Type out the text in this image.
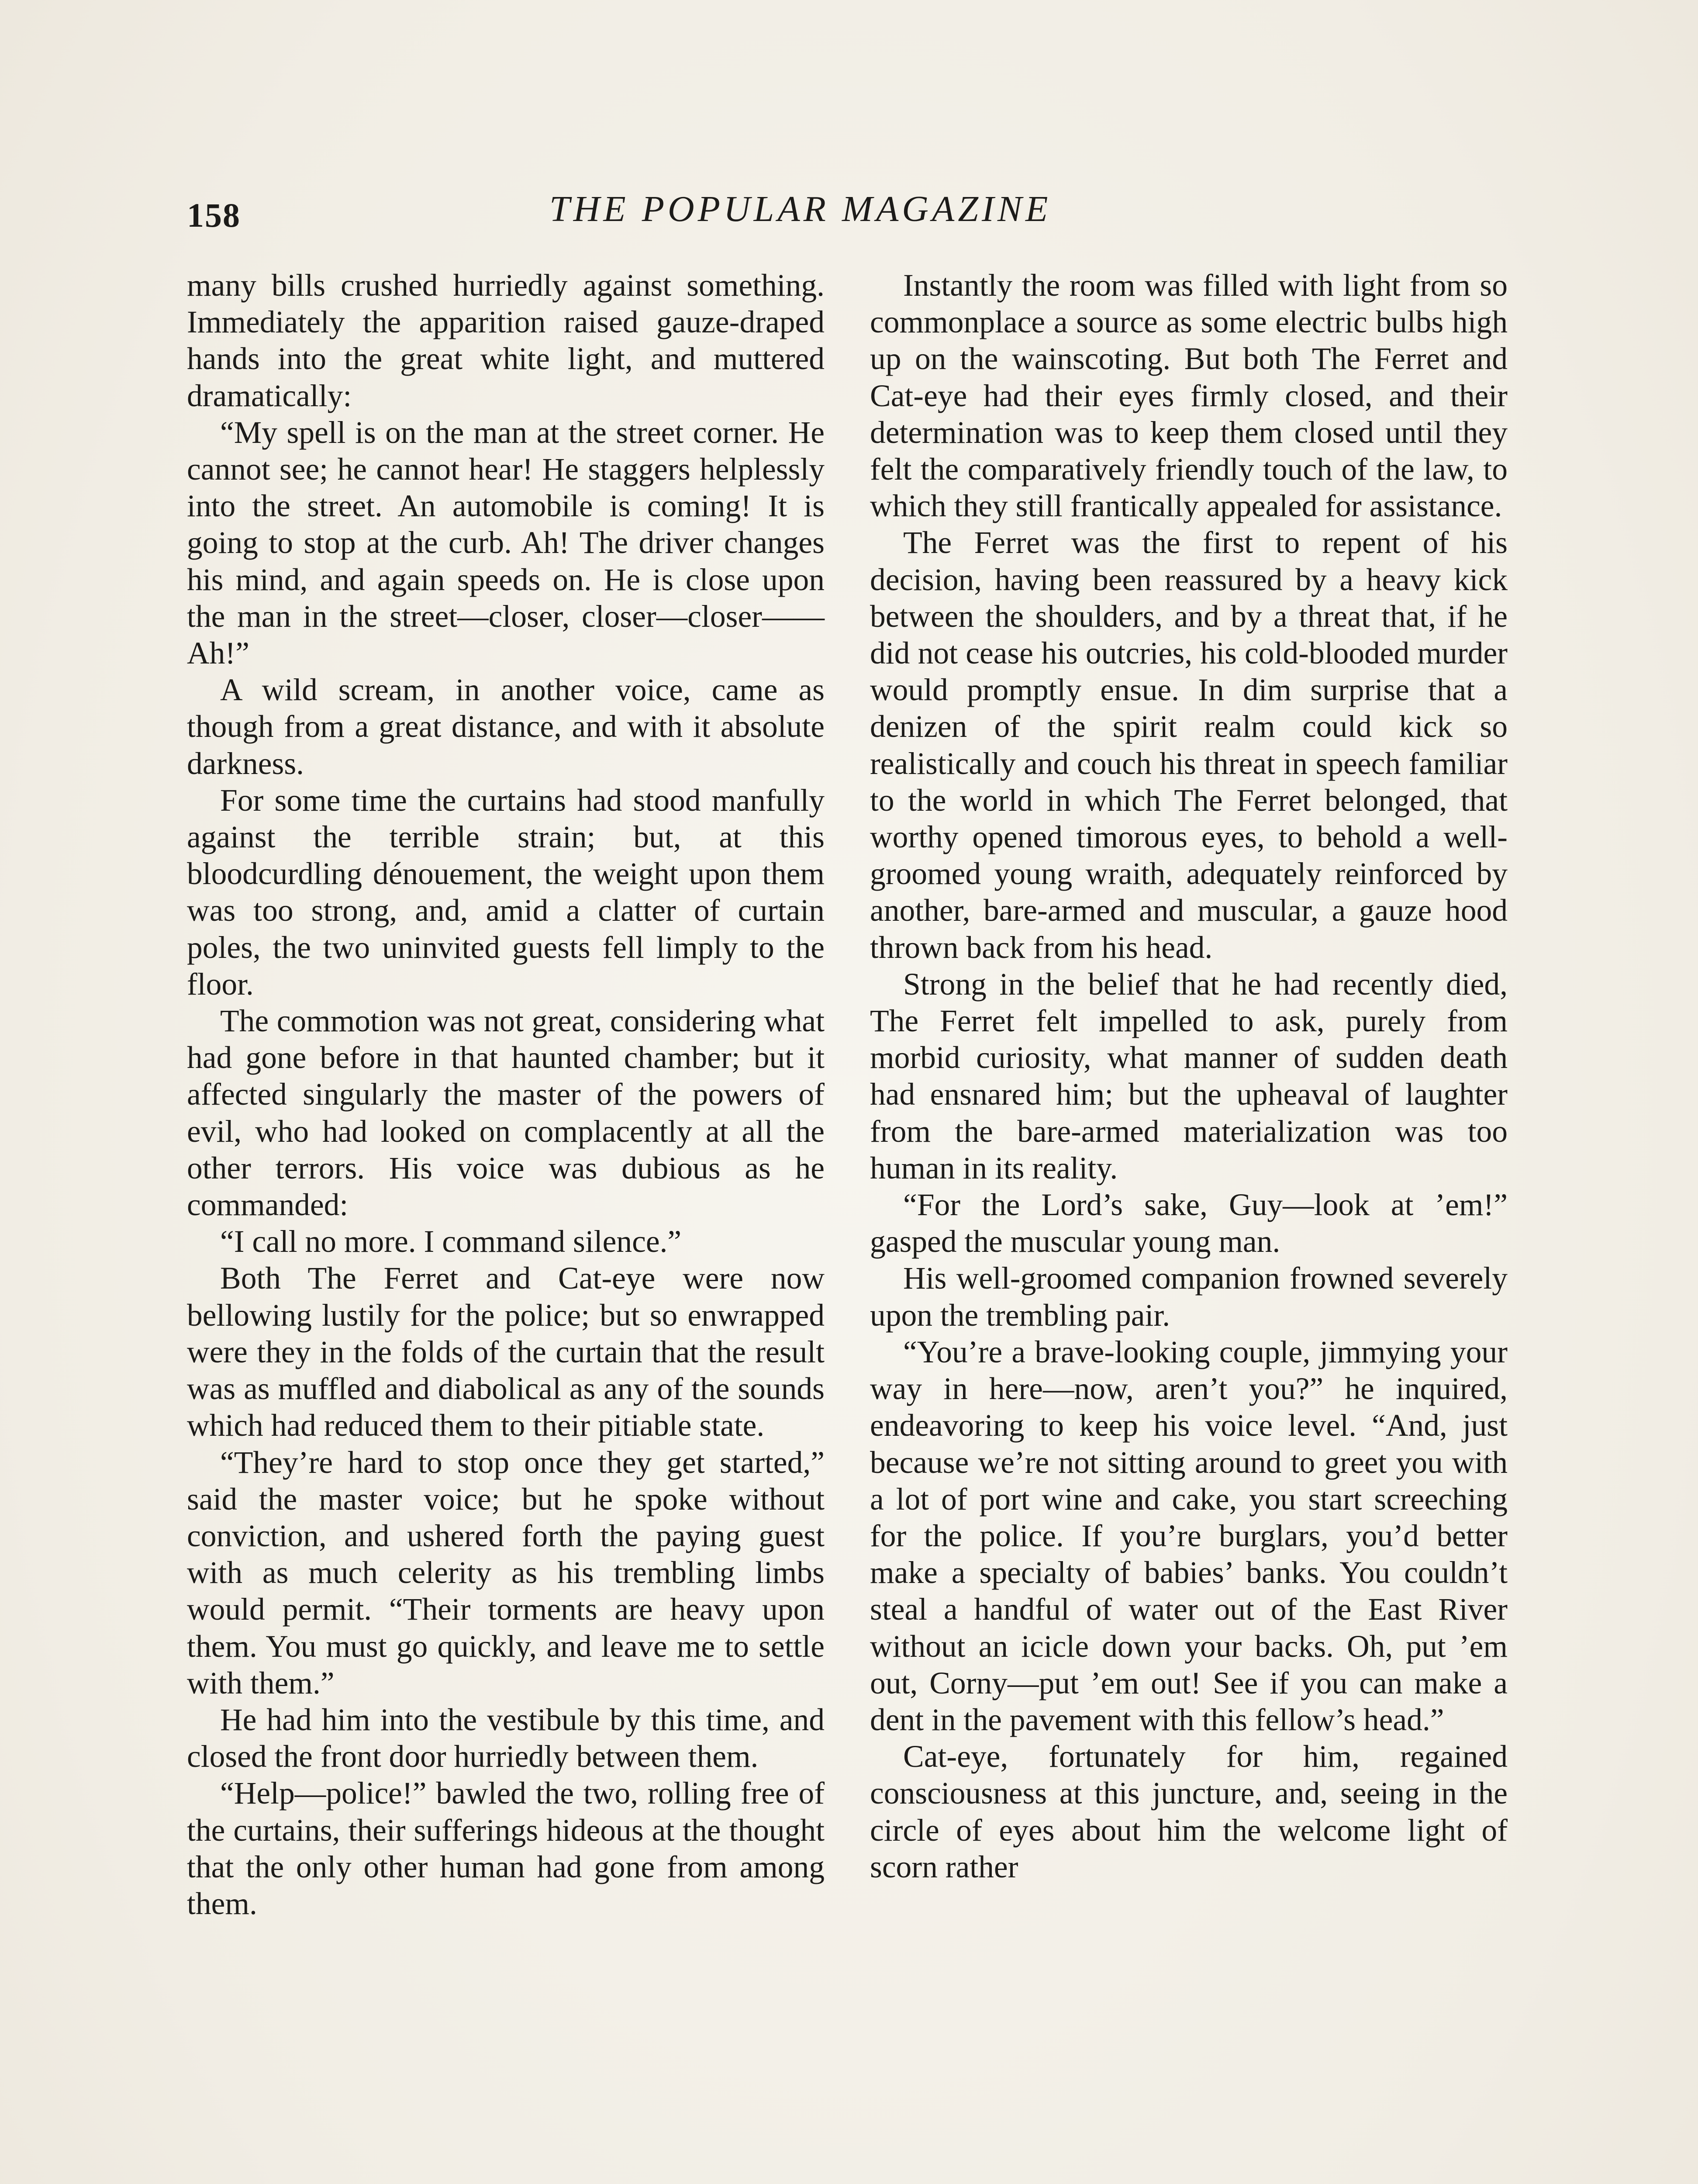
158	THE POPULAR MAGAZINE

many bills crushed hurriedly against something. Immediately the apparition raised gauze-draped hands into the great white light, and muttered dramatically:

“My spell is on the man at the street corner. He cannot see; he cannot hear! He staggers helplessly into the street. An automobile is coming! It is going to stop at the curb. Ah! The driver changes his mind, and again speeds on. He is close upon the man in the street—closer, closer—closer—— Ah!”

A wild scream, in another voice, came as though from a great distance, and with it absolute darkness.

For some time the curtains had stood manfully against the terrible strain; but, at this bloodcurdling dénouement, the weight upon them was too strong, and, amid a clatter of curtain poles, the two uninvited guests fell limply to the floor.

The commotion was not great, considering what had gone before in that haunted chamber; but it affected singularly the master of the powers of evil, who had looked on complacently at all the other terrors. His voice was dubious as he commanded:

“I call no more. I command silence.”

Both The Ferret and Cat-eye were now bellowing lustily for the police; but so enwrapped were they in the folds of the curtain that the result was as muffled and diabolical as any of the sounds which had reduced them to their pitiable state.

“They’re hard to stop once they get started,” said the master voice; but he spoke without conviction, and ushered forth the paying guest with as much celerity as his trembling limbs would permit. “Their torments are heavy upon them. You must go quickly, and leave me to settle with them.”

He had him into the vestibule by this time, and closed the front door hurriedly between them.

“Help—police!” bawled the two, rolling free of the curtains, their sufferings hideous at the thought that the only other human had gone from among them.

Instantly the room was filled with light from so commonplace a source as some electric bulbs high up on the wainscoting. But both The Ferret and Cat-eye had their eyes firmly closed, and their determination was to keep them closed until they felt the comparatively friendly touch of the law, to which they still frantically appealed for assistance.

The Ferret was the first to repent of his decision, having been reassured by a heavy kick between the shoulders, and by a threat that, if he did not cease his outcries, his cold-blooded murder would promptly ensue. In dim surprise that a denizen of the spirit realm could kick so realistically and couch his threat in speech familiar to the world in which The Ferret belonged, that worthy opened timorous eyes, to behold a well-groomed young wraith, adequately reinforced by another, bare-armed and muscular, a gauze hood thrown back from his head.

Strong in the belief that he had recently died, The Ferret felt impelled to ask, purely from morbid curiosity, what manner of sudden death had ensnared him; but the upheaval of laughter from the bare-armed materialization was too human in its reality.

“For the Lord’s sake, Guy—look at ’em!” gasped the muscular young man.

His well-groomed companion frowned severely upon the trembling pair.

“You’re a brave-looking couple, jimmying your way in here—now, aren’t you?” he inquired, endeavoring to keep his voice level. “And, just because we’re not sitting around to greet you with a lot of port wine and cake, you start screeching for the police. If you’re burglars, you’d better make a specialty of babies’ banks. You couldn’t steal a handful of water out of the East River without an icicle down your backs. Oh, put ’em out, Corny—put ’em out! See if you can make a dent in the pavement with this fellow’s head.”

Cat-eye, fortunately for him, regained consciousness at this juncture, and, seeing in the circle of eyes about him the welcome light of scorn rather
